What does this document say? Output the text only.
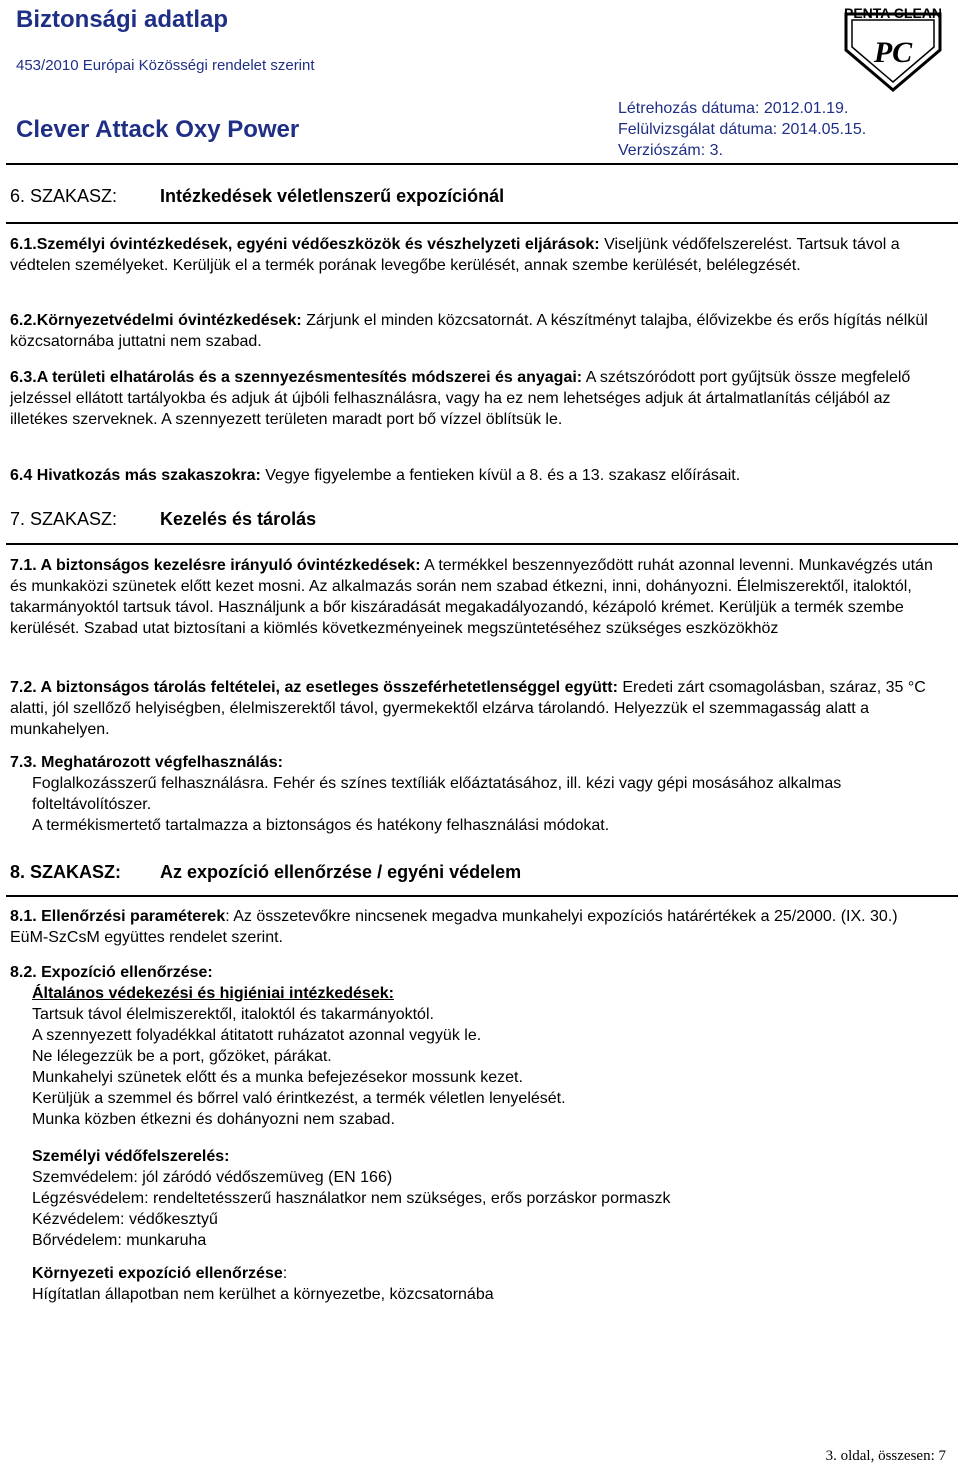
Biztonsági adatlap
453/2010 Európai Közösségi rendelet szerint
Clever Attack Oxy Power
Létrehozás dátuma: 2012.01.19.
Felülvizsgálat dátuma: 2014.05.15.
Verziószám: 3.
PENTA CLEAN
PC
6. SZAKASZ: Intézkedések véletlenszerű expozíciónál
6.1.Személyi óvintézkedések, egyéni védőeszközök és vészhelyzeti eljárások: Viseljünk védőfelszerelést. Tartsuk távol a védtelen személyeket. Kerüljük el a termék porának levegőbe kerülését, annak szembe kerülését, belélegzését.
6.2.Környezetvédelmi óvintézkedések: Zárjunk el minden közcsatornát. A készítményt talajba, élővizekbe és erős hígítás nélkül közcsatornába juttatni nem szabad.
6.3.A területi elhatárolás és a szennyezésmentesítés módszerei és anyagai: A szétszóródott port gyűjtsük össze megfelelő jelzéssel ellátott tartályokba és adjuk át újbóli felhasználásra, vagy ha ez nem lehetséges adjuk át ártalmatlanítás céljából az illetékes szerveknek. A szennyezett területen maradt port bő vízzel öblítsük le.
6.4 Hivatkozás más szakaszokra: Vegye figyelembe a fentieken kívül a 8. és a 13. szakasz előírásait.
7. SZAKASZ: Kezelés és tárolás
7.1. A biztonságos kezelésre irányuló óvintézkedések: A termékkel beszennyeződött ruhát azonnal levenni. Munkavégzés után és munkaközi szünetek előtt kezet mosni. Az alkalmazás során nem szabad étkezni, inni, dohányozni. Élelmiszerektől, italoktól, takarmányoktól tartsuk távol. Használjunk a bőr kiszáradását megakadályozandó, kézápoló krémet. Kerüljük a termék szembe kerülését. Szabad utat biztosítani a kiömlés következményeinek megszüntetéséhez szükséges eszközökhöz
7.2. A biztonságos tárolás feltételei, az esetleges összeférhetetlenséggel együtt: Eredeti zárt csomagolásban, száraz, 35 °C alatti, jól szellőző helyiségben, élelmiszerektől távol, gyermekektől elzárva tárolandó. Helyezzük el szemmagasság alatt a munkahelyen.
7.3. Meghatározott végfelhasználás:
Foglalkozásszerű felhasználásra. Fehér és színes textíliák előáztatásához, ill. kézi vagy gépi mosásához alkalmas folteltávolítószer.
A termékismertető tartalmazza a biztonságos és hatékony felhasználási módokat.
8. SZAKASZ: Az expozíció ellenőrzése / egyéni védelem
8.1. Ellenőrzési paraméterek: Az összetevőkre nincsenek megadva munkahelyi expozíciós határértékek a 25/2000. (IX. 30.) EüM-SzCsM együttes rendelet szerint.
8.2. Expozíció ellenőrzése:
Általános védekezési és higiéniai intézkedések:
Tartsuk távol élelmiszerektől, italoktól és takarmányoktól.
A szennyezett folyadékkal átitatott ruházatot azonnal vegyük le.
Ne lélegezzük be a port, gőzöket, párákat.
Munkahelyi szünetek előtt és a munka befejezésekor mossunk kezet.
Kerüljük a szemmel és bőrrel való érintkezést, a termék véletlen lenyelését.
Munka közben étkezni és dohányozni nem szabad.
Személyi védőfelszerelés:
Szemvédelem: jól záródó védőszemüveg (EN 166)
Légzésvédelem: rendeltetésszerű használatkor nem szükséges, erős porzáskor pormaszk
Kézvédelem: védőkesztyű
Bőrvédelem: munkaruha
Környezeti expozíció ellenőrzése:
Hígítatlan állapotban nem kerülhet a környezetbe, közcsatornába
3. oldal, összesen: 7
